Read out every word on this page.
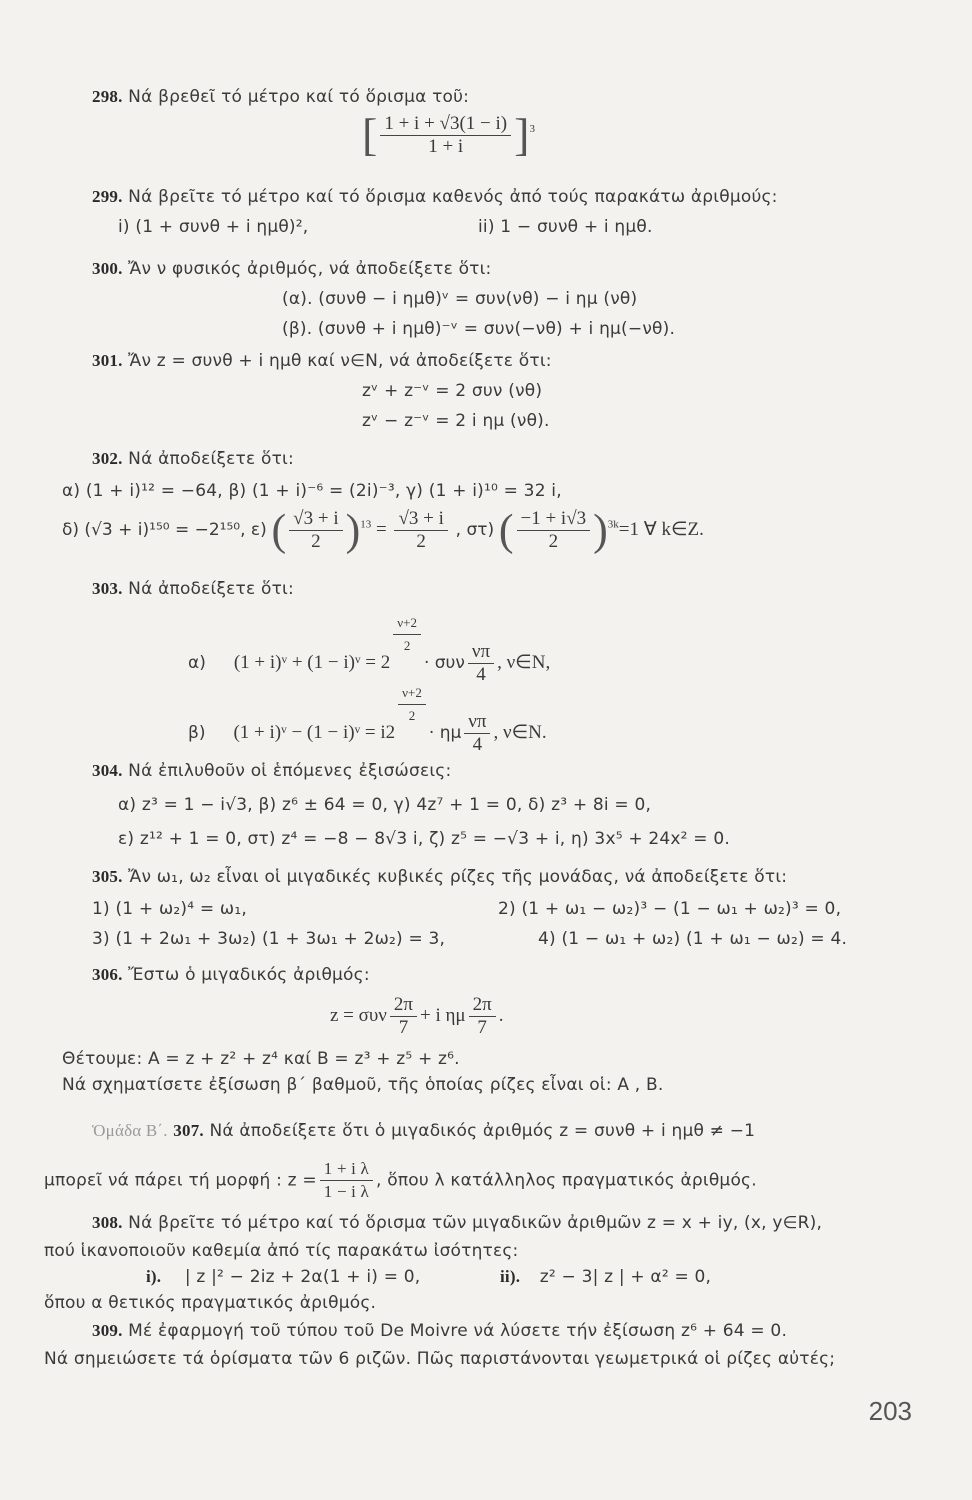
298. Νά βρεθεῖ τό μέτρο καί τό ὅρισμα τοῦ:
[ $\frac{1 + i + √3(1 - i)}{1 + i} ]^3$
299. Νά βρεῖτε τό μέτρο καί τό ὅρισμα καθενός ἀπό τούς παρακάτω ἀριθμούς:
i) (1 + συνθ + i ημθ)²,	ii) 1 − συνθ + i ημθ.
300. Ἄν ν φυσικός ἀριθμός, νά ἀποδείξετε ὅτι:
(α). (συνθ − i ημθ)ᵛ = συν(νθ) − i ημ (νθ)
(β). (συνθ + i ημθ)⁻ᵛ = συν(−νθ) + i ημ(−νθ).
301. Ἄν z = συνθ + i ημθ καί ν∈N, νά ἀποδείξετε ὅτι:
zᵛ + z⁻ᵛ = 2 συν (νθ)
zᵛ − z⁻ᵛ = 2 i ημ (νθ).
302. Νά ἀποδείξετε ὅτι:
α) (1 + i)¹² = −64, β) (1 + i)⁻⁶ = (2i)⁻³, γ) (1 + i)¹⁰ = 32 i,
δ) (√3 + i)¹⁵⁰ = −2¹⁵⁰, ε) ( $\frac{√3 + i}{2} )^{13} = \frac{√3 + i}{2}$ , στ) ( $\frac{-1 + i√3}{2} )^{3k}=1$ ∀ k∈Z.
303. Νά ἀποδείξετε ὅτι:
α) (1 + i)ᵛ + (1 − i)ᵛ = 2
$\frac{\nu+2}{2}$
· συν $\frac{\nu\pi}{4}$ , ν∈N,
β) (1 + i)ᵛ − (1 − i)ᵛ = i2
$\frac{\nu+2}{2}$
· ημ $\frac{\nu\pi}{4}$ , ν∈N.
304. Νά ἐπιλυθοῦν οἱ ἑπόμενες ἐξισώσεις:
α) z³ = 1 − i√3, β) z⁶ ± 64 = 0, γ) 4z⁷ + 1 = 0, δ) z³ + 8i = 0,
ε) z¹² + 1 = 0, στ) z⁴ = −8 − 8√3 i, ζ) z⁵ = −√3 + i, η) 3x⁵ + 24x² = 0.
305. Ἄν ω₁, ω₂ εἶναι οἱ μιγαδικές κυβικές ρίζες τῆς μονάδας, νά ἀποδείξετε ὅτι:
1) (1 + ω₂)⁴ = ω₁,	2) (1 + ω₁ − ω₂)³ − (1 − ω₁ + ω₂)³ = 0,
3) (1 + 2ω₁ + 3ω₂) (1 + 3ω₁ + 2ω₂) = 3,	4) (1 − ω₁ + ω₂) (1 + ω₁ − ω₂) = 4.
306. Ἔστω ὁ μιγαδικός ἀριθμός:
z = συν $\frac{2\pi}{7} + i$ ημ $\frac{2\pi}{7}$ .
Θέτουμε: A = z + z² + z⁴ καί B = z³ + z⁵ + z⁶.
Νά σχηματίσετε ἐξίσωση β΄ βαθμοῦ, τῆς ὁποίας ρίζες εἶναι οἱ: Α , Β.
Ὁμάδα Β΄. 307. Νά ἀποδείξετε ὅτι ὁ μιγαδικός ἀριθμός z = συνθ + i ημθ ≠ −1
μπορεῖ νά πάρει τή μορφή : $z = \frac{\text{1 + i λ}}{\text{1 − i λ}}$ , ὅπου λ κατάλληλος πραγματικός ἀριθμός.
308. Νά βρεῖτε τό μέτρο καί τό ὅρισμα τῶν μιγαδικῶν ἀριθμῶν z = x + iy, (x, y∈R),
πού ἱκανοποιοῦν καθεμία ἀπό τίς παρακάτω ἰσότητες:
i). | z |² − 2iz + 2α(1 + i) = 0,	ii). z² − 3| z | + α² = 0,
ὅπου α θετικός πραγματικός ἀριθμός.
309. Μέ ἐφαρμογή τοῦ τύπου τοῦ De Moivre νά λύσετε τήν ἐξίσωση z⁶ + 64 = 0.
Νά σημειώσετε τά ὁρίσματα τῶν 6 ριζῶν. Πῶς παριστάνονται γεωμετρικά οἱ ρίζες αὐτές;
203
